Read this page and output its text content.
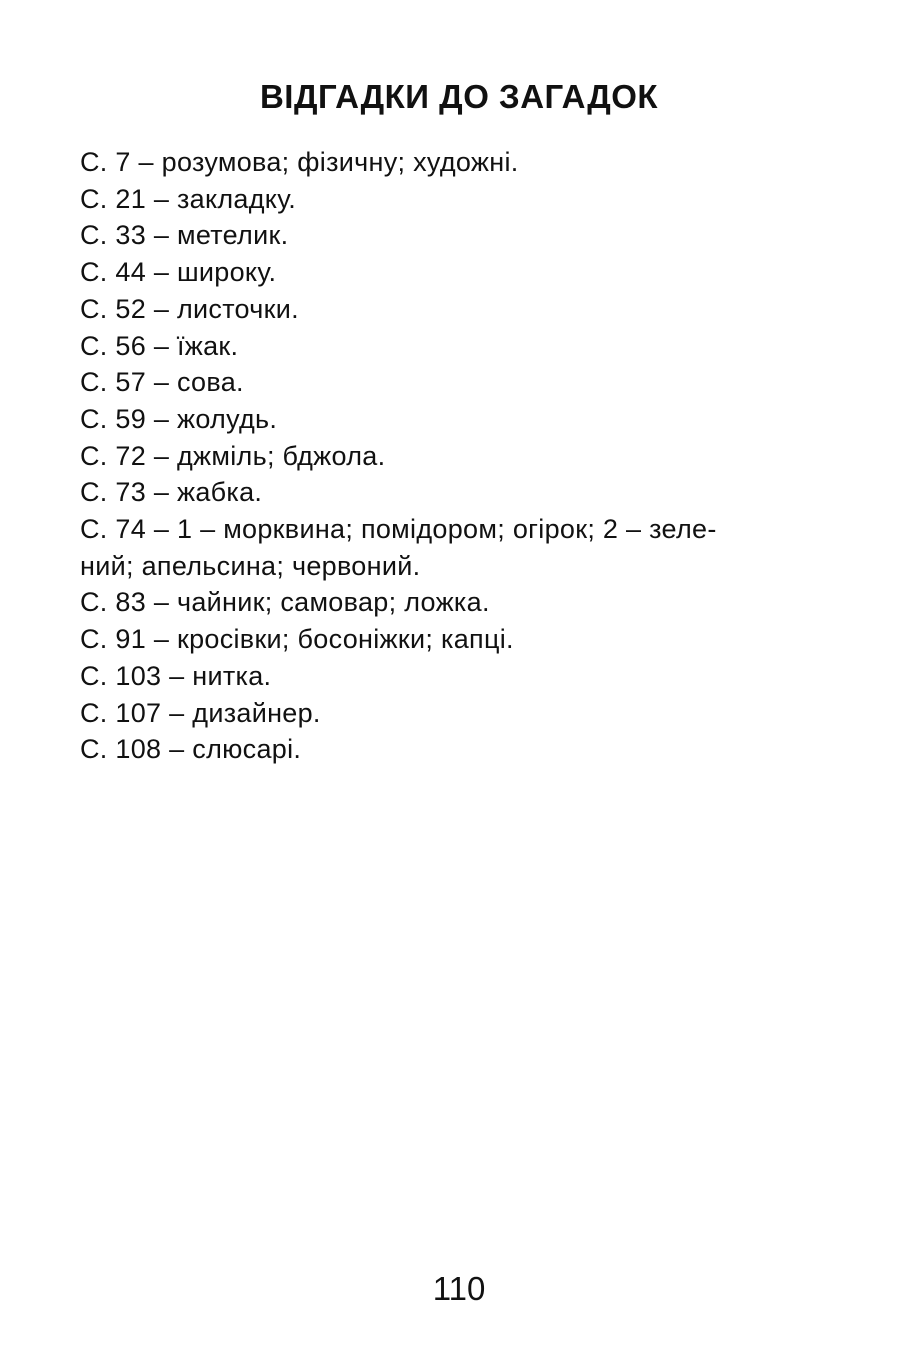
ВІДГАДКИ ДО ЗАГАДОК
С. 7 – розумова; фізичну; художні.
С. 21 – закладку.
С. 33 – метелик.
С. 44 – широку.
С. 52 – листочки.
С. 56 – їжак.
С. 57 – сова.
С. 59 – жолудь.
С. 72 – джміль; бджола.
С. 73 – жабка.
С. 74 – 1 – морквина; помідором; огірок; 2 – зеле-
ний; апельсина; червоний.
С. 83 – чайник; самовар; ложка.
С. 91 – кросівки; босоніжки; капці.
С. 103 – нитка.
С. 107 – дизайнер.
С. 108 – слюсарі.
110
